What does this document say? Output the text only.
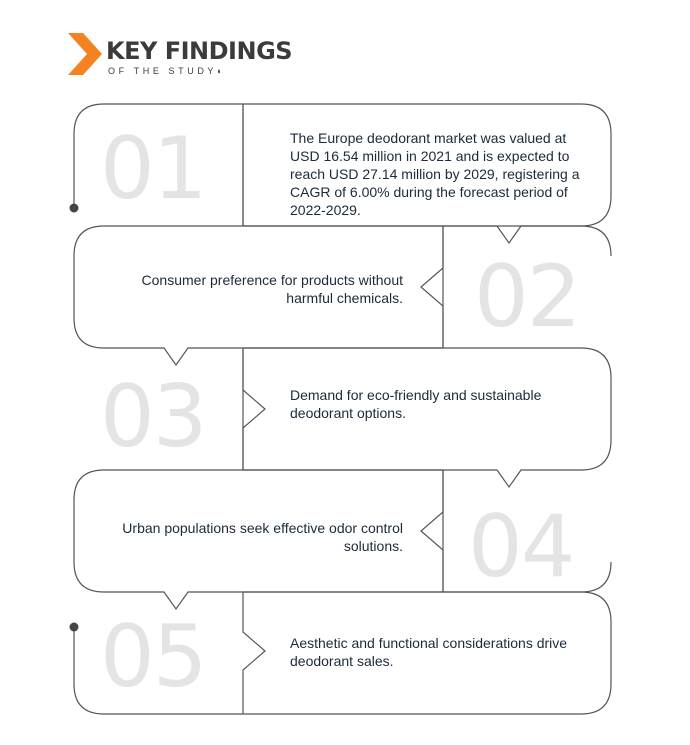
KEY FINDINGS
OF THE STUDY
◖
01
02
03
04
05
The Europe deodorant market was valued at USD 16.54 million in 2021 and is expected to reach USD 27.14 million by 2029, registering a CAGR of 6.00% during the forecast period of 2022-2029.
Consumer preference for products without harmful chemicals.
Demand for eco-friendly and sustainable deodorant options.
Urban populations seek effective odor control solutions.
Aesthetic and functional considerations drive deodorant sales.
